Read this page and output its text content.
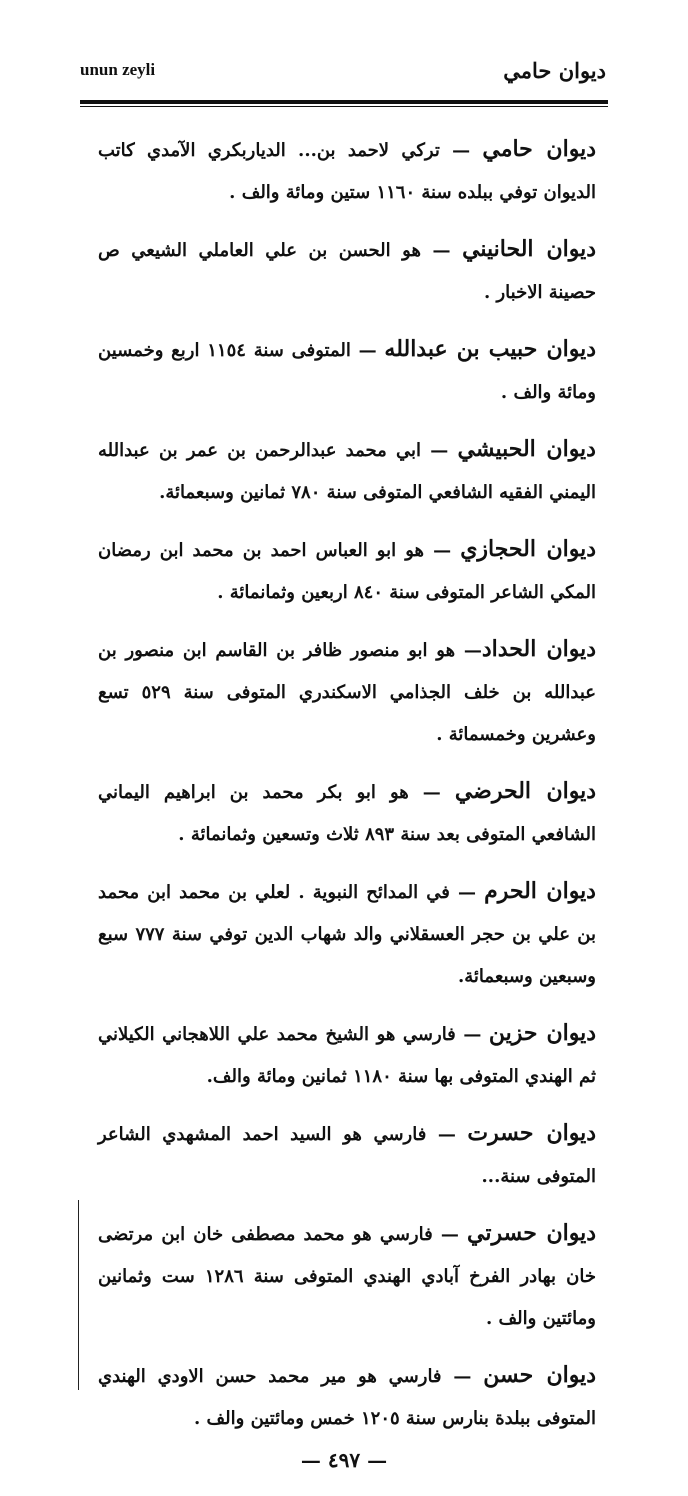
ديوان حامي
unun zeyli

ديوان حامي — تركي لاحمد بن... الدياربكري الآمدي كاتب الديوان توفي ببلده سنة ١١٦٠ ستين ومائة والف .

ديوان الحانيني — هو الحسن بن علي العاملي الشيعي ص حصينة الاخبار .

ديوان حبيب بن عبدالله — المتوفى سنة ١١٥٤ اربع وخمسين ومائة والف .

ديوان الحبيشي — ابي محمد عبدالرحمن بن عمر بن عبدالله اليمني الفقيه الشافعي المتوفى سنة ٧٨٠ ثمانين وسبعمائة.

ديوان الحجازي — هو ابو العباس احمد بن محمد ابن رمضان المكي الشاعر المتوفى سنة ٨٤٠ اربعين وثمانمائة .

ديوان الحداد— هو ابو منصور ظافر بن القاسم ابن منصور بن عبدالله بن خلف الجذامي الاسكندري المتوفى سنة ٥٢٩ تسع وعشرين وخمسمائة .

ديوان الحرضي — هو ابو بكر محمد بن ابراهيم اليماني الشافعي المتوفى بعد سنة ٨٩٣ ثلاث وتسعين وثمانمائة .

ديوان الحرم — في المدائح النبوية . لعلي بن محمد ابن محمد بن علي بن حجر العسقلاني والد شهاب الدين توفي سنة ٧٧٧ سبع وسبعين وسبعمائة.

ديوان حزين — فارسي هو الشيخ محمد علي اللاهجاني الكيلاني ثم الهندي المتوفى بها سنة ١١٨٠ ثمانين ومائة والف.

ديوان حسرت — فارسي هو السيد احمد المشهدي الشاعر المتوفى سنة...

ديوان حسرتي — فارسي هو محمد مصطفى خان ابن مرتضى خان بهادر الفرخ آبادي الهندي المتوفى سنة ١٢٨٦ ست وثمانين ومائتين والف .

ديوان حسن — فارسي هو مير محمد حسن الاودي الهندي المتوفى ببلدة بنارس سنة ١٢٠٥ خمس ومائتين والف .

— ٤٩٧ —
